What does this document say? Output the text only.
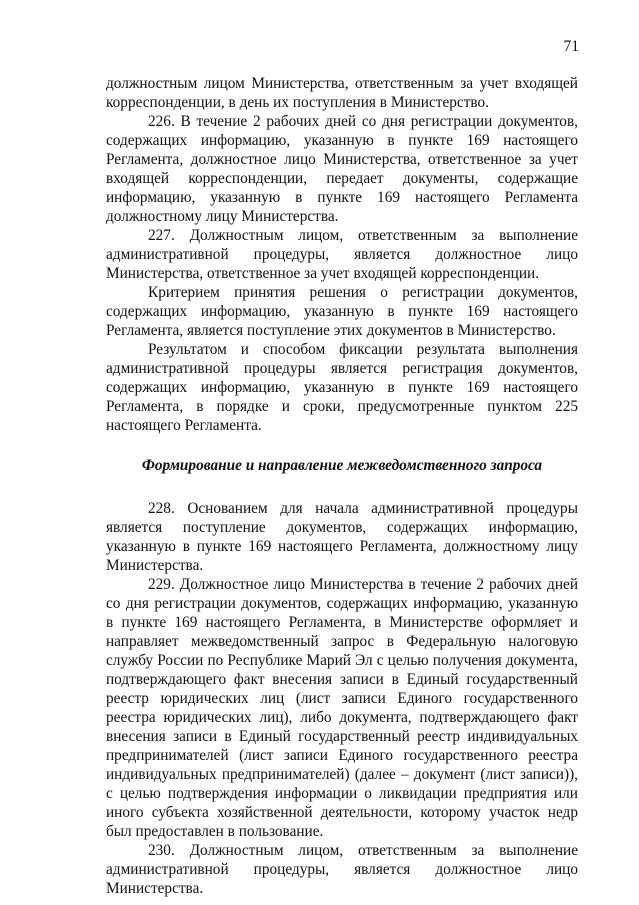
71

должностным лицом Министерства, ответственным за учет входящей корреспонденции, в день их поступления в Министерство.

226. В течение 2 рабочих дней со дня регистрации документов, содержащих информацию, указанную в пункте 169 настоящего Регламента, должностное лицо Министерства, ответственное за учет входящей корреспонденции, передает документы, содержащие информацию, указанную в пункте 169 настоящего Регламента должностному лицу Министерства.

227. Должностным лицом, ответственным за выполнение административной процедуры, является должностное лицо Министерства, ответственное за учет входящей корреспонденции.

Критерием принятия решения о регистрации документов, содержащих информацию, указанную в пункте 169 настоящего Регламента, является поступление этих документов в Министерство.

Результатом и способом фиксации результата выполнения административной процедуры является регистрация документов, содержащих информацию, указанную в пункте 169 настоящего Регламента, в порядке и сроки, предусмотренные пунктом 225 настоящего Регламента.

Формирование и направление межведомственного запроса

228. Основанием для начала административной процедуры является поступление документов, содержащих информацию, указанную в пункте 169 настоящего Регламента, должностному лицу Министерства.

229. Должностное лицо Министерства в течение 2 рабочих дней со дня регистрации документов, содержащих информацию, указанную в пункте 169 настоящего Регламента, в Министерстве оформляет и направляет межведомственный запрос в Федеральную налоговую службу России по Республике Марий Эл с целью получения документа, подтверждающего факт внесения записи в Единый государственный реестр юридических лиц (лист записи Единого государственного реестра юридических лиц), либо документа, подтверждающего факт внесения записи в Единый государственный реестр индивидуальных предпринимателей (лист записи Единого государственного реестра индивидуальных предпринимателей) (далее – документ (лист записи)), с целью подтверждения информации о ликвидации предприятия или иного субъекта хозяйственной деятельности, которому участок недр был предоставлен в пользование.

230. Должностным лицом, ответственным за выполнение административной процедуры, является должностное лицо Министерства.
